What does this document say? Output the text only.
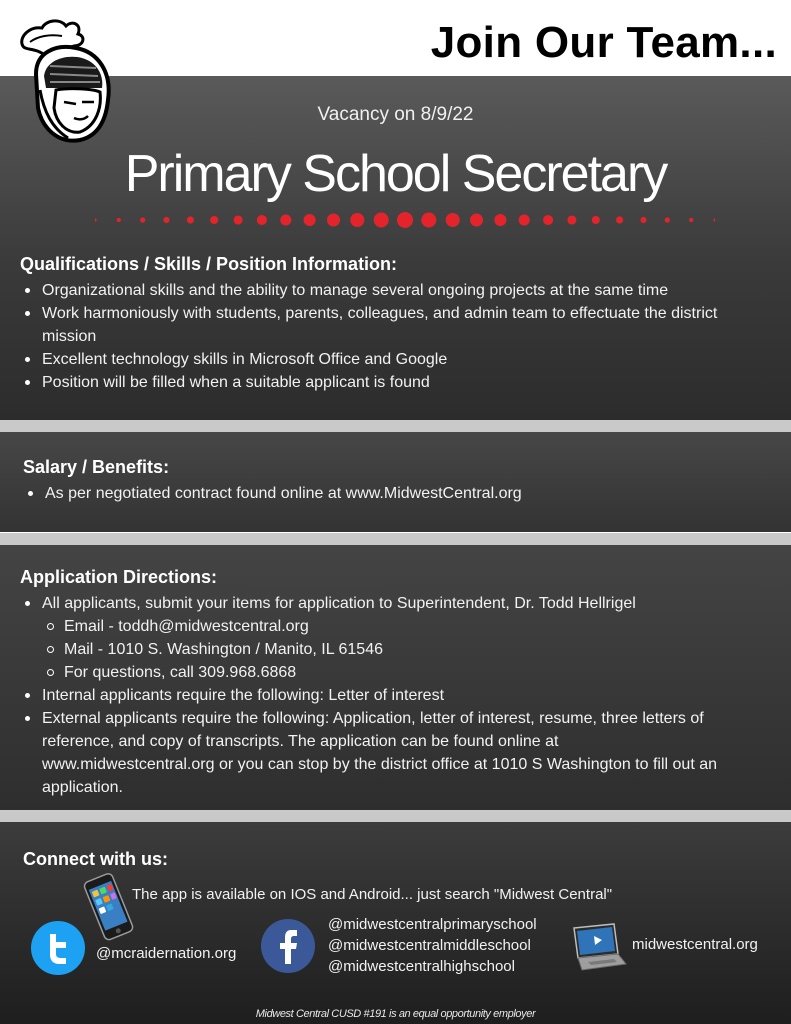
Join Our Team...
Vacancy on 8/9/22
Primary School Secretary
Qualifications / Skills / Position Information:
Organizational skills and the ability to manage several ongoing projects at the same time
Work harmoniously with students, parents, colleagues, and admin team to effectuate the district mission
Excellent technology skills in Microsoft Office and Google
Position will be filled when a suitable applicant is found
Salary / Benefits:
As per negotiated contract found online at www.MidwestCentral.org
Application Directions:
All applicants, submit your items for application to Superintendent, Dr. Todd Hellrigel
Email - toddh@midwestcentral.org
Mail - 1010 S. Washington / Manito, IL 61546
For questions, call 309.968.6868
Internal applicants require the following: Letter of interest
External applicants require the following: Application, letter of interest, resume, three letters of reference, and copy of transcripts. The application can be found online at www.midwestcentral.org or you can stop by the district office at 1010 S Washington to fill out an application.
Connect with us:
The app is available on IOS and Android... just search "Midwest Central"
@mcraidernation.org
@midwestcentralprimaryschool
@midwestcentralmiddleschool
@midwestcentralhighschool
midwestcentral.org
Midwest Central CUSD #191 is an equal opportunity employer
